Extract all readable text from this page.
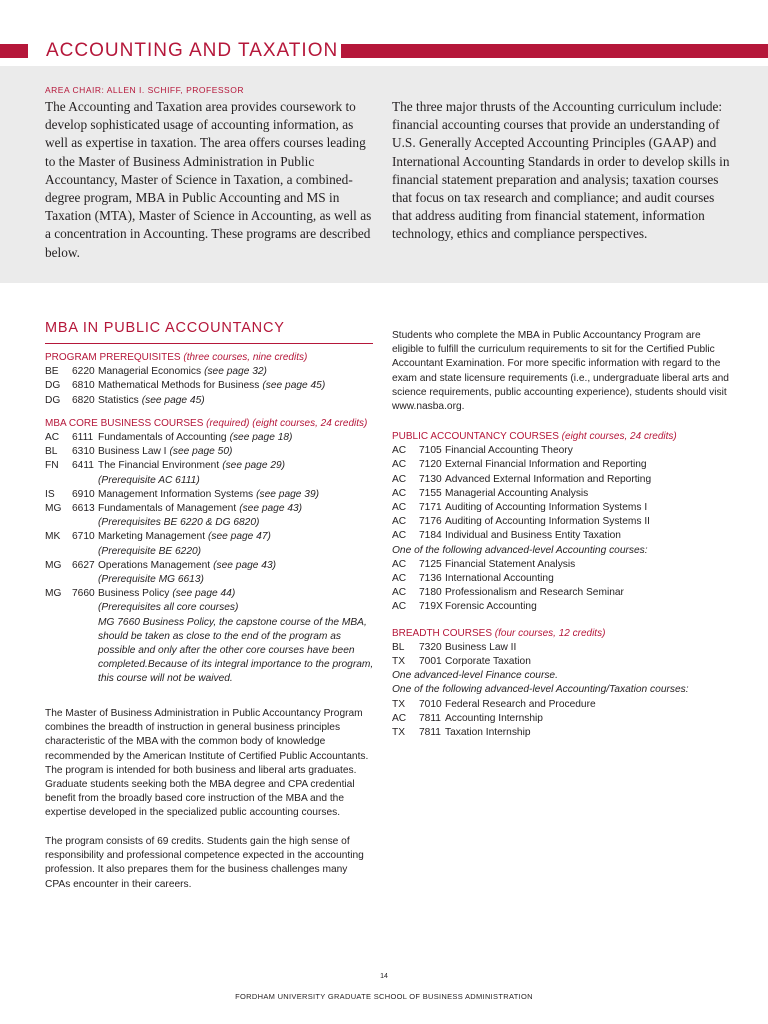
ACCOUNTING AND TAXATION
AREA CHAIR: ALLEN I. SCHIFF, PROFESSOR

The Accounting and Taxation area provides coursework to develop sophisticated usage of accounting information, as well as expertise in taxation. The area offers courses leading to the Master of Business Administration in Public Accountancy, Master of Science in Taxation, a combined-degree program, MBA in Public Accounting and MS in Taxation (MTA), Master of Science in Accounting, as well as a concentration in Accounting. These programs are described below.

The three major thrusts of the Accounting curriculum include: financial accounting courses that provide an understanding of U.S. Generally Accepted Accounting Principles (GAAP) and International Accounting Standards in order to develop skills in financial statement preparation and analysis; taxation courses that focus on tax research and compliance; and audit courses that address auditing from financial statement, information technology, ethics and compliance perspectives.

MBA IN PUBLIC ACCOUNTANCY
PROGRAM PREREQUISITES (three courses, nine credits)
BE	6220 Managerial Economics (see page 32)
DG	6810 Mathematical Methods for Business (see page 45)
DG	6820 Statistics (see page 45)
MBA CORE BUSINESS COURSES (required) (eight courses, 24 credits)
AC	6111 Fundamentals of Accounting (see page 18)
BL	6310 Business Law I (see page 50)
FN	6411 The Financial Environment (see page 29)
(Prerequisite AC 6111)
IS	6910 Management Information Systems (see page 39)
MG	6613 Fundamentals of Management (see page 43)
(Prerequisites BE 6220 & DG 6820)
MK	6710 Marketing Management (see page 47)
(Prerequisite BE 6220)
MG	6627 Operations Management (see page 43)
(Prerequisite MG 6613)
MG	7660 Business Policy (see page 44)
(Prerequisites all core courses)
MG 7660 Business Policy, the capstone course of the MBA, should be taken as close to the end of the program as possible and only after the other core courses have been completed.Because of its integral importance to the program, this course will not be waived.

The Master of Business Administration in Public Accountancy Program combines the breadth of instruction in general business principles characteristic of the MBA with the common body of knowledge recommended by the American Institute of Certified Public Accountants. The program is intended for both business and liberal arts graduates. Graduate students seeking both the MBA degree and CPA credential benefit from the broadly based core instruction of the MBA and the expertise developed in the specialized public accounting courses.

The program consists of 69 credits. Students gain the high sense of responsibility and professional competence expected in the accounting profession. It also prepares them for the business challenges many CPAs encounter in their careers.

Students who complete the MBA in Public Accountancy Program are eligible to fulfill the curriculum requirements to sit for the Certified Public Accountant Examination. For more specific information with regard to the exam and state licensure requirements (i.e., undergraduate liberal arts and science requirements, public accounting experience), students should visit www.nasba.org.

PUBLIC ACCOUNTANCY COURSES (eight courses, 24 credits)
AC	7105 Financial Accounting Theory
AC	7120 External Financial Information and Reporting
AC	7130 Advanced External Information and Reporting
AC	7155 Managerial Accounting Analysis
AC	7171 Auditing of Accounting Information Systems I
AC	7176 Auditing of Accounting Information Systems II
AC	7184 Individual and Business Entity Taxation
One of the following advanced-level Accounting courses:
AC	7125 Financial Statement Analysis
AC	7136 International Accounting
AC	7180 Professionalism and Research Seminar
AC	719X Forensic Accounting
BREADTH COURSES (four courses, 12 credits)
BL	7320 Business Law II
TX	7001 Corporate Taxation
One advanced-level Finance course.
One of the following advanced-level Accounting/Taxation courses:
TX	7010 Federal Research and Procedure
AC	7811 Accounting Internship
TX	7811 Taxation Internship
14
FORDHAM UNIVERSITY GRADUATE SCHOOL OF BUSINESS ADMINISTRATION
